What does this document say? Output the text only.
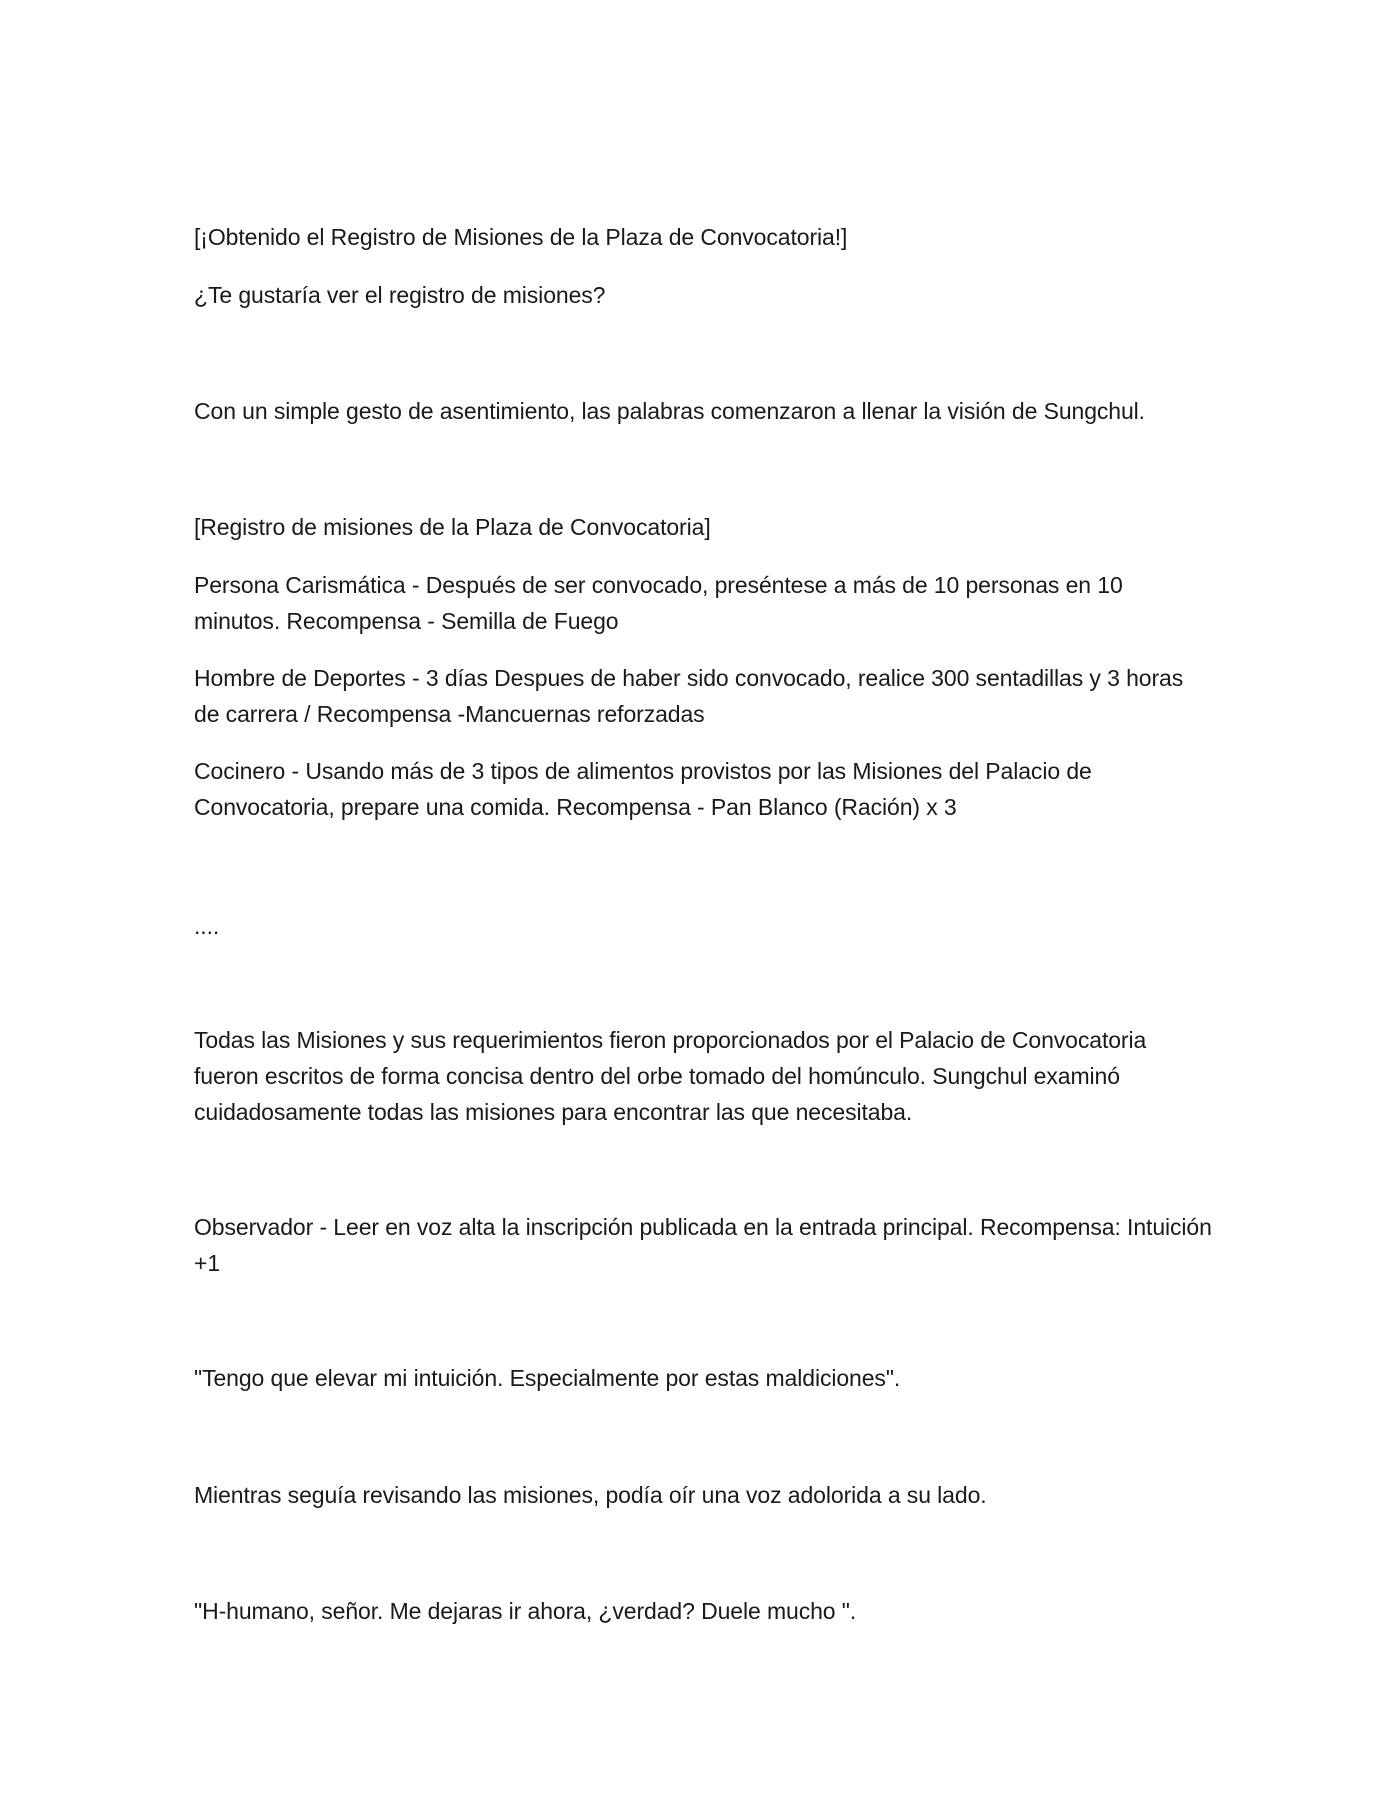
[¡Obtenido el Registro de Misiones de la Plaza de Convocatoria!]

¿Te gustaría ver el registro de misiones?

Con un simple gesto de asentimiento, las palabras comenzaron a llenar la visión de Sungchul.

[Registro de misiones de la Plaza de Convocatoria]

Persona Carismática - Después de ser convocado, preséntese a más de 10 personas en 10 minutos. Recompensa - Semilla de Fuego

Hombre de Deportes - 3 días Despues de haber sido convocado, realice 300 sentadillas y 3 horas de carrera / Recompensa -Mancuernas reforzadas

Cocinero - Usando más de 3 tipos de alimentos provistos por las Misiones del Palacio de Convocatoria, prepare una comida. Recompensa - Pan Blanco (Ración) x 3

....

Todas las Misiones y sus requerimientos fieron proporcionados por el Palacio de Convocatoria fueron escritos de forma concisa dentro del orbe tomado del homúnculo. Sungchul examinó cuidadosamente todas las misiones para encontrar las que necesitaba.

Observador - Leer en voz alta la inscripción publicada en la entrada principal. Recompensa: Intuición +1

"Tengo que elevar mi intuición. Especialmente por estas maldiciones".

Mientras seguía revisando las misiones, podía oír una voz adolorida a su lado.

"H-humano, señor. Me dejaras ir ahora, ¿verdad? Duele mucho ".
